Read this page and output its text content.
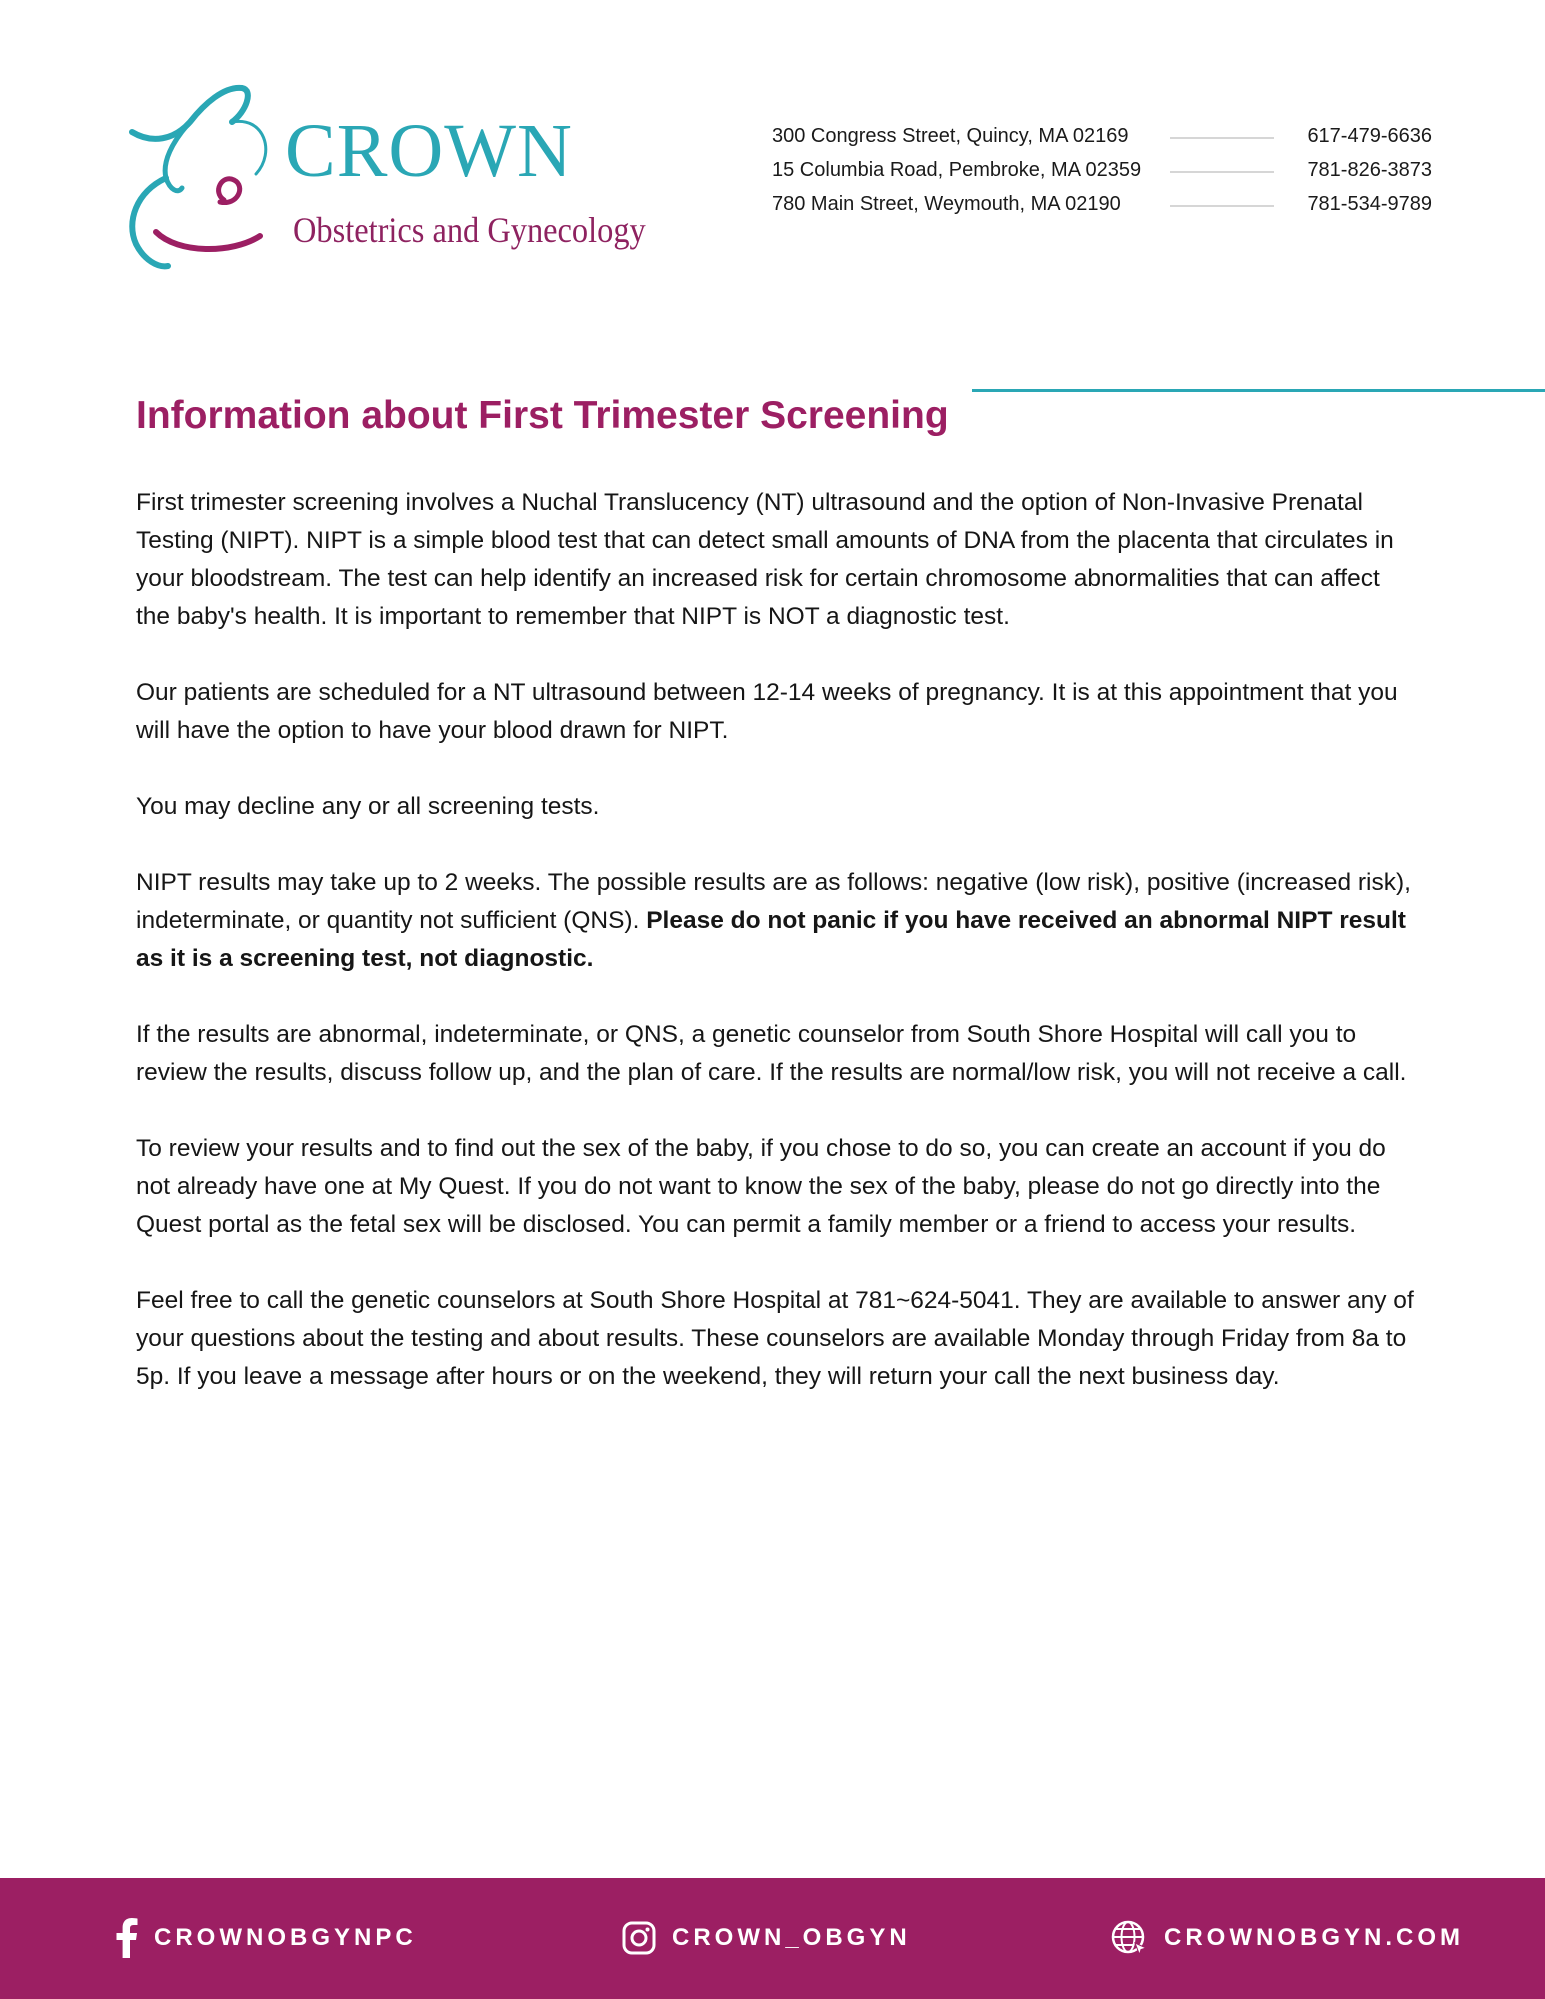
CROWN
Obstetrics and Gynecology
300 Congress Street, Quincy, MA 02169	617-479-6636
15 Columbia Road, Pembroke, MA 02359	781-826-3873
780 Main Street, Weymouth, MA 02190	781-534-9789
Information about First Trimester Screening

First trimester screening involves a Nuchal Translucency (NT) ultrasound and the option of Non-Invasive Prenatal Testing (NIPT). NIPT is a simple blood test that can detect small amounts of DNA from the placenta that circulates in your bloodstream. The test can help identify an increased risk for certain chromosome abnormalities that can affect the baby's health. It is important to remember that NIPT is NOT a diagnostic test.

Our patients are scheduled for a NT ultrasound between 12-14 weeks of pregnancy. It is at this appointment that you will have the option to have your blood drawn for NIPT.

You may decline any or all screening tests.

NIPT results may take up to 2 weeks. The possible results are as follows: negative (low risk), positive (increased risk), indeterminate, or quantity not sufficient (QNS). Please do not panic if you have received an abnormal NIPT result as it is a screening test, not diagnostic.

If the results are abnormal, indeterminate, or QNS, a genetic counselor from South Shore Hospital will call you to review the results, discuss follow up, and the plan of care. If the results are normal/low risk, you will not receive a call.

To review your results and to find out the sex of the baby, if you chose to do so, you can create an account if you do not already have one at My Quest. If you do not want to know the sex of the baby, please do not go directly into the Quest portal as the fetal sex will be disclosed. You can permit a family member or a friend to access your results.

Feel free to call the genetic counselors at South Shore Hospital at 781~624-5041. They are available to answer any of your questions about the testing and about results. These counselors are available Monday through Friday from 8a to 5p. If you leave a message after hours or on the weekend, they will return your call the next business day.

CROWNOBGYNPC	CROWN_OBGYN	CROWNOBGYN.COM
